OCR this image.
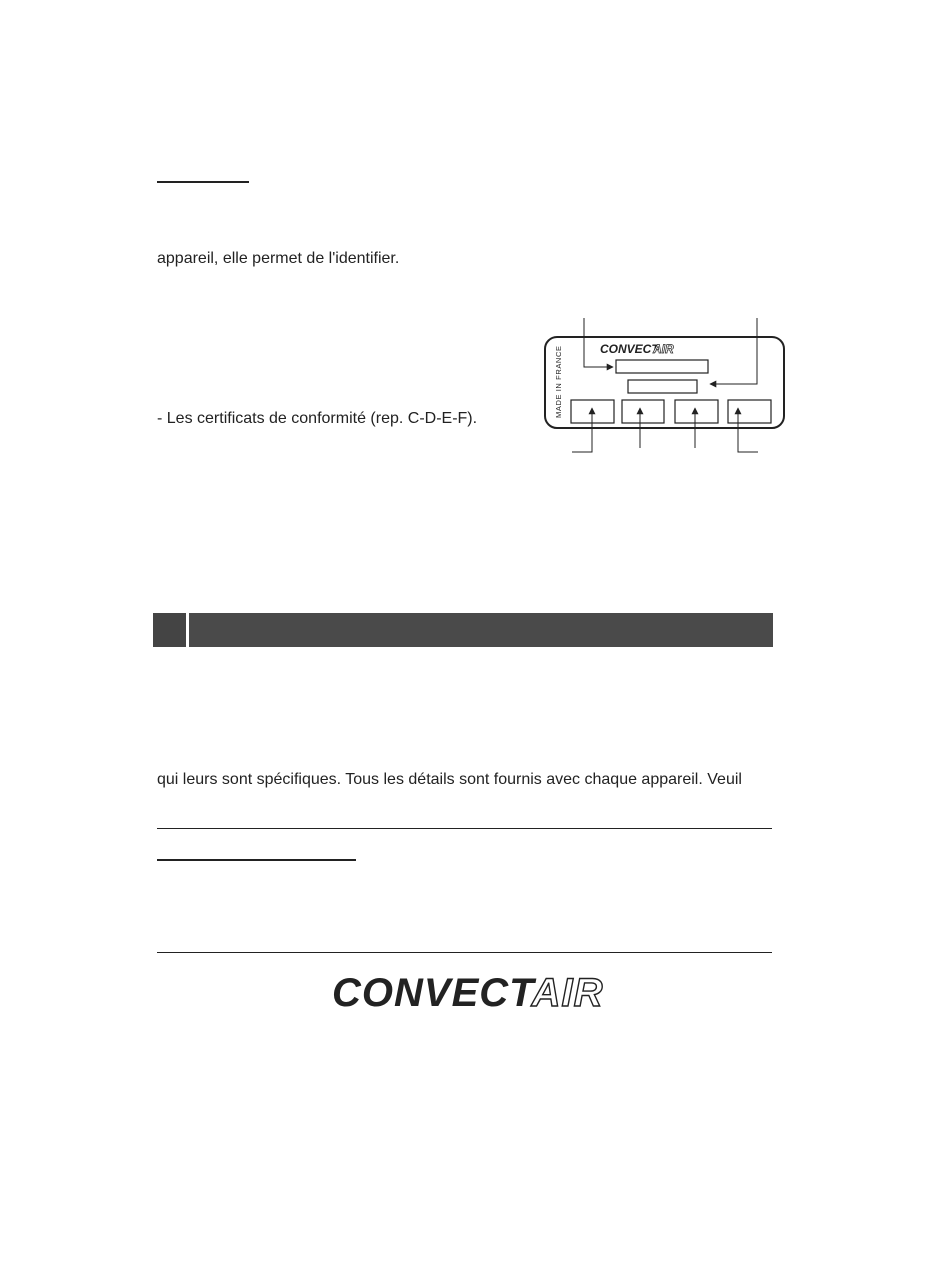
appareil, elle permet de l'identifier.
- Les certificats de conformité (rep. C-D-E-F).
CONVECT
AIR
MADE IN FRANCE
qui leurs sont spécifiques. Tous les détails sont fournis avec chaque appareil. Veuil
CONVECTAIR
